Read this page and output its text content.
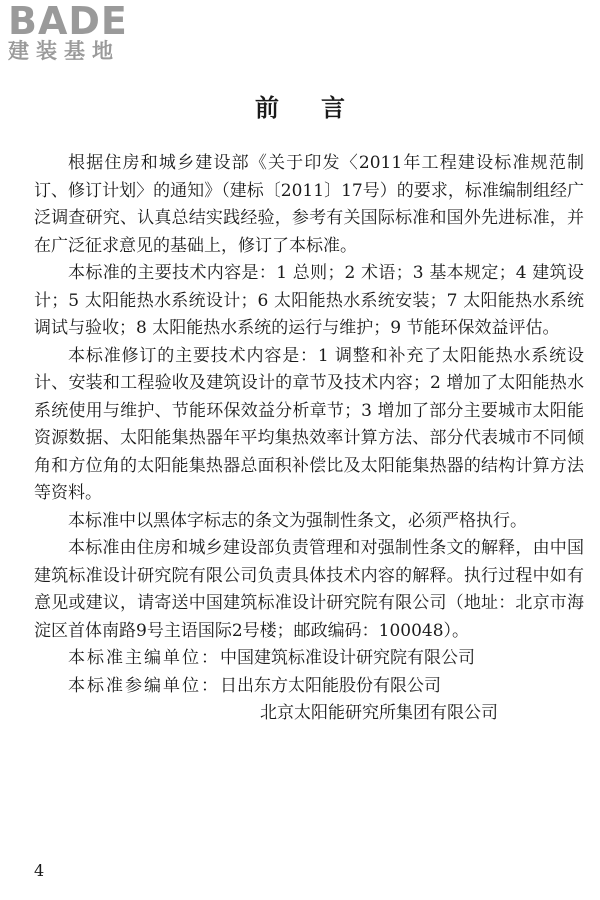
BADE
建装基地
前言

根据住房和城乡建设部《关于印发〈2011年工程建设标准规范制订、修订计划〉的通知》（建标〔2011〕17号）的要求，标准编制组经广泛调查研究、认真总结实践经验，参考有关国际标准和国外先进标准，并在广泛征求意见的基础上，修订了本标准。

本标准的主要技术内容是：1 总则；2 术语；3 基本规定；4 建筑设计；5 太阳能热水系统设计；6 太阳能热水系统安装；7 太阳能热水系统调试与验收；8 太阳能热水系统的运行与维护；9 节能环保效益评估。

本标准修订的主要技术内容是：1 调整和补充了太阳能热水系统设计、安装和工程验收及建筑设计的章节及技术内容；2 增加了太阳能热水系统使用与维护、节能环保效益分析章节；3 增加了部分主要城市太阳能资源数据、太阳能集热器年平均集热效率计算方法、部分代表城市不同倾角和方位角的太阳能集热器总面积补偿比及太阳能集热器的结构计算方法等资料。

本标准中以黑体字标志的条文为强制性条文，必须严格执行。

本标准由住房和城乡建设部负责管理和对强制性条文的解释，由中国建筑标准设计研究院有限公司负责具体技术内容的解释。执行过程中如有意见或建议，请寄送中国建筑标准设计研究院有限公司（地址：北京市海淀区首体南路9号主语国际2号楼；邮政编码：100048）。

本标准主编单位： 中国建筑标准设计研究院有限公司
本标准参编单位： 日出东方太阳能股份有限公司
北京太阳能研究所集团有限公司
4
